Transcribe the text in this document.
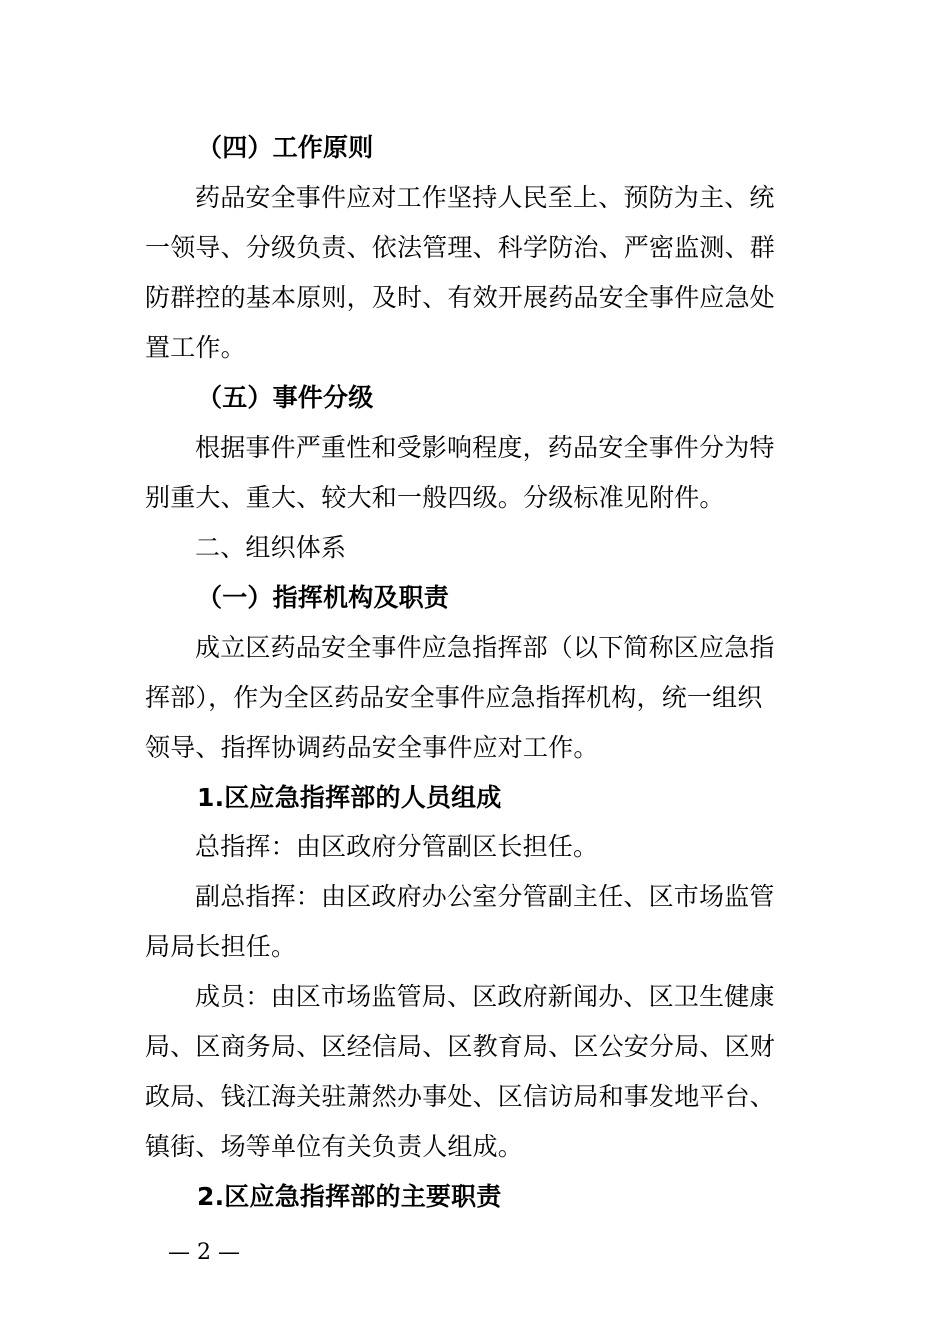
（四）工作原则
药品安全事件应对工作坚持人民至上、预防为主、统
一领导、分级负责、依法管理、科学防治、严密监测、群
防群控的基本原则，及时、有效开展药品安全事件应急处
置工作。
（五）事件分级
根据事件严重性和受影响程度，药品安全事件分为特
别重大、重大、较大和一般四级。分级标准见附件。
二、组织体系
（一）指挥机构及职责
成立区药品安全事件应急指挥部（以下简称区应急指
挥部），作为全区药品安全事件应急指挥机构，统一组织
领导、指挥协调药品安全事件应对工作。
1.区应急指挥部的人员组成
总指挥：由区政府分管副区长担任。
副总指挥：由区政府办公室分管副主任、区市场监管
局局长担任。
成员：由区市场监管局、区政府新闻办、区卫生健康
局、区商务局、区经信局、区教育局、区公安分局、区财
政局、钱江海关驻萧然办事处、区信访局和事发地平台、
镇街、场等单位有关负责人组成。
2.区应急指挥部的主要职责
— 2 —
